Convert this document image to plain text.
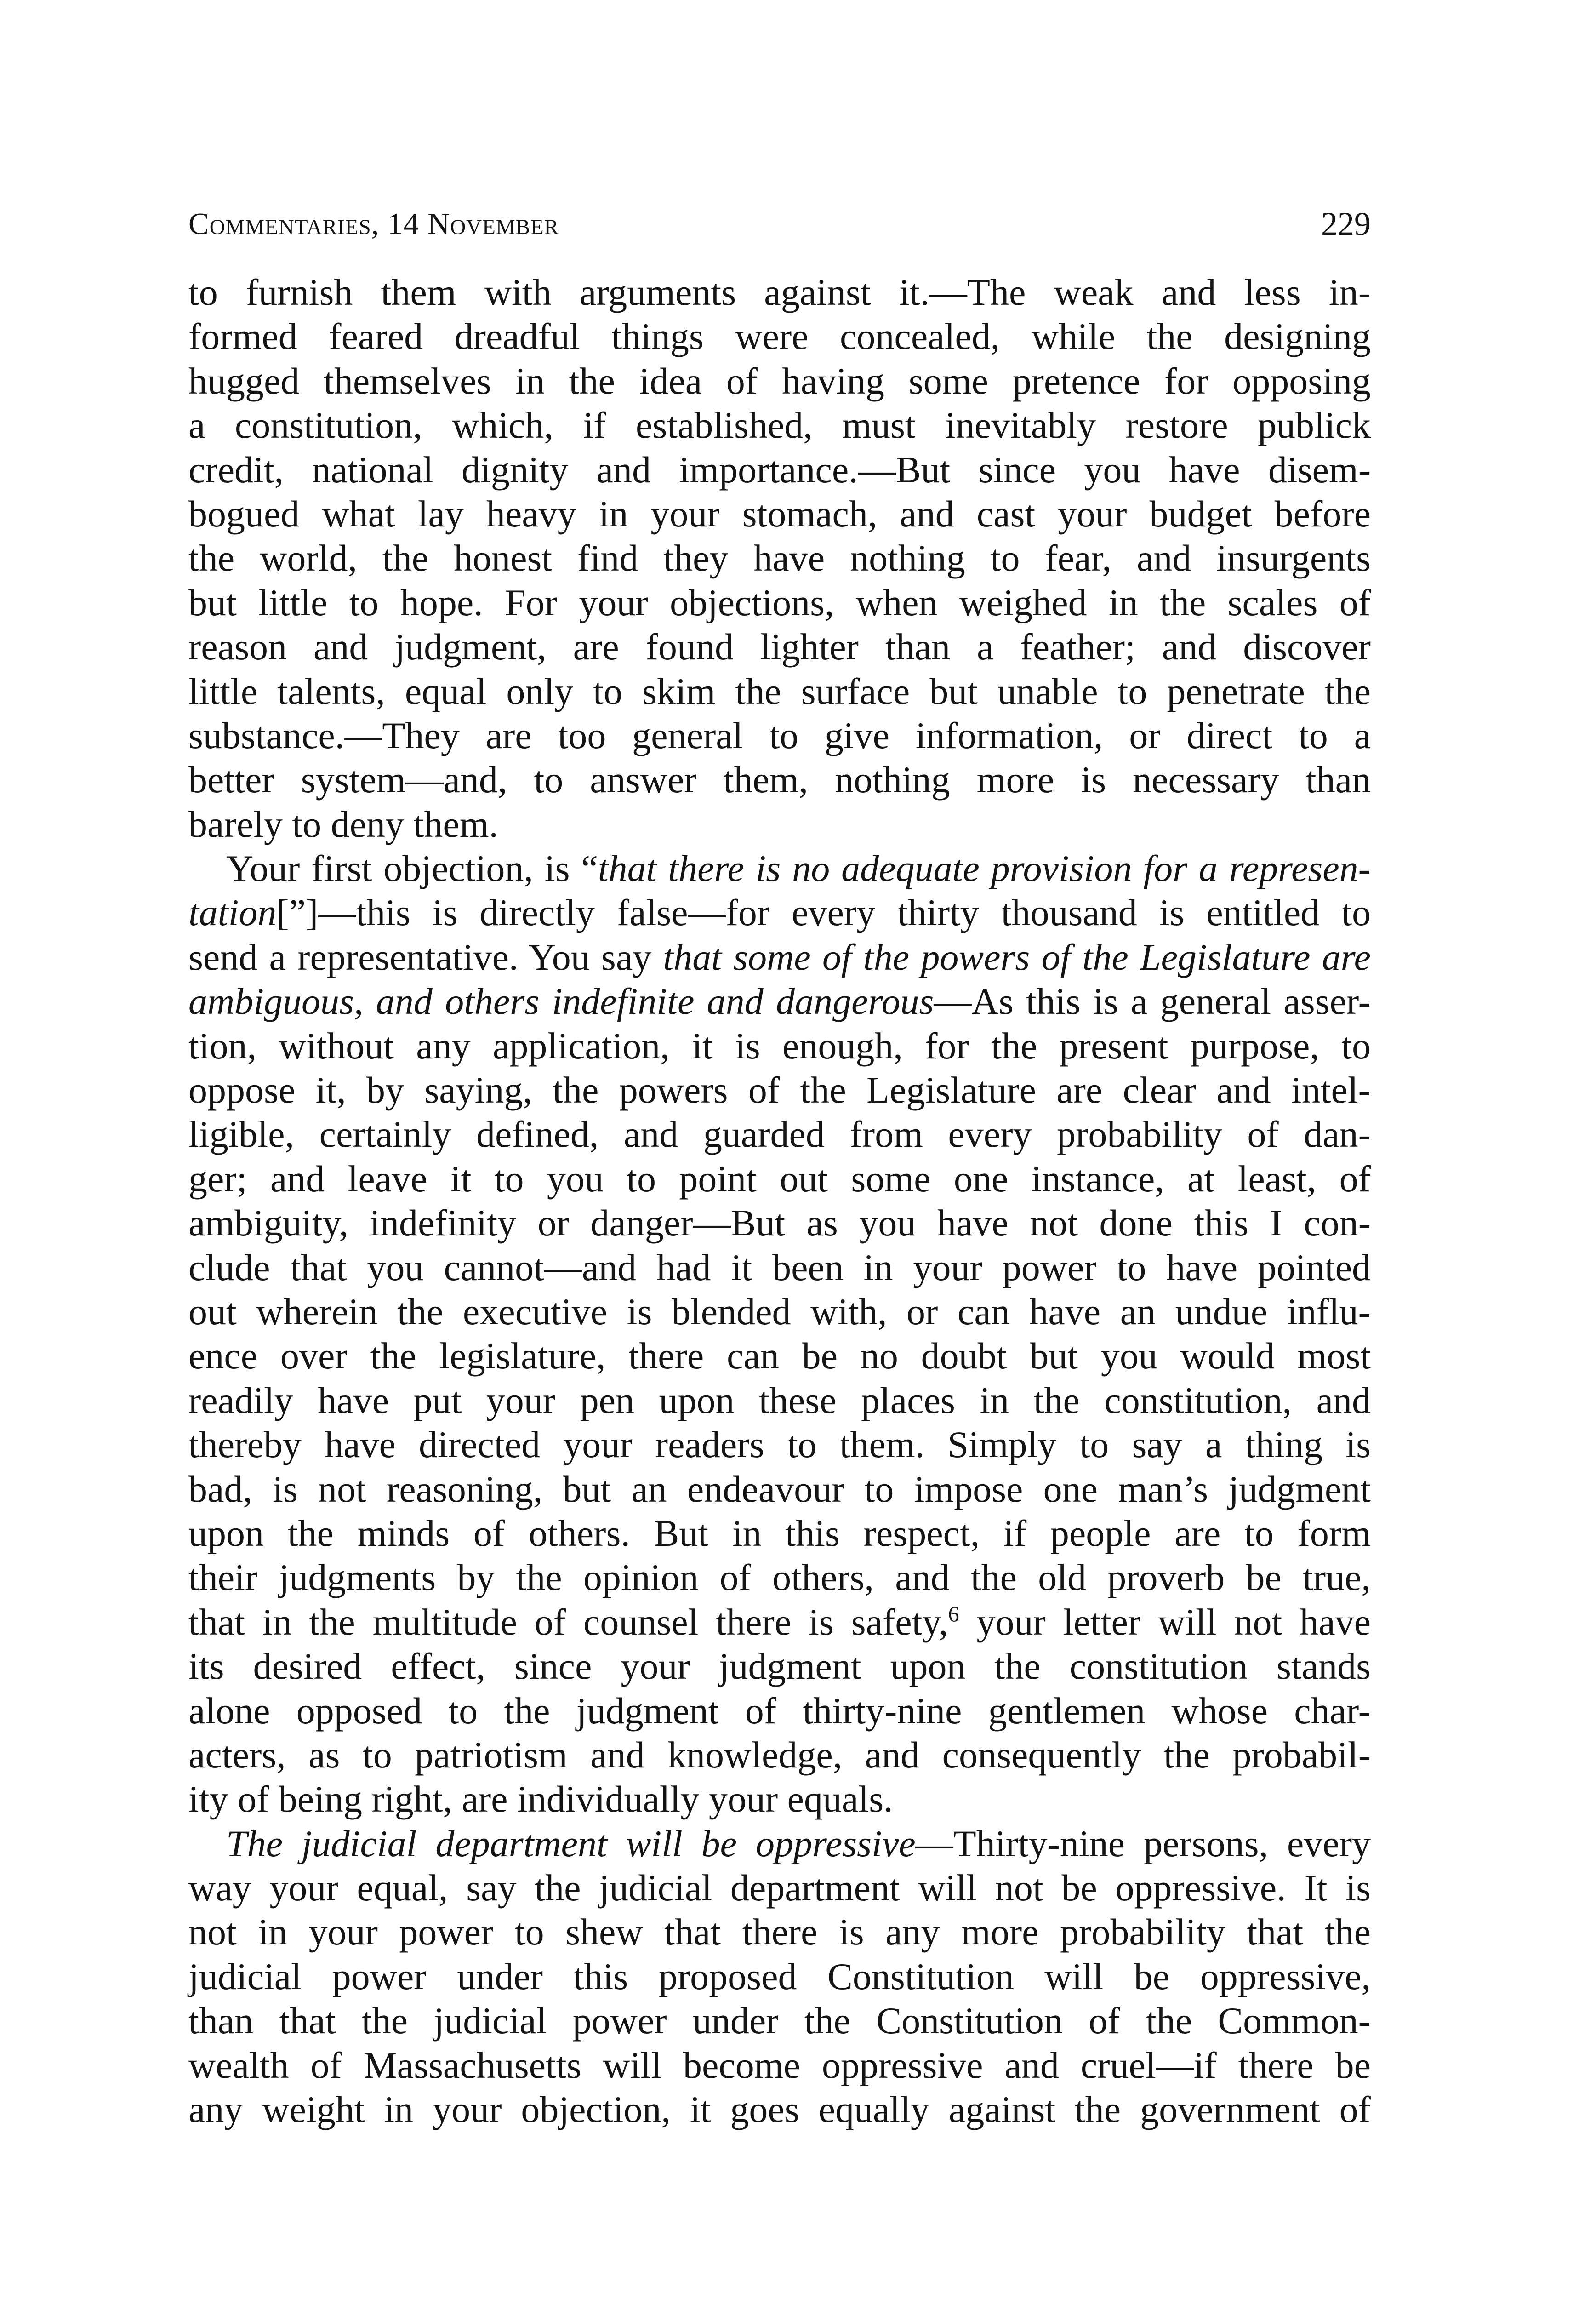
Commentaries, 14 November	229
to furnish them with arguments against it.—The weak and less in-
formed feared dreadful things were concealed, while the designing
hugged themselves in the idea of having some pretence for opposing
a constitution, which, if established, must inevitably restore publick
credit, national dignity and importance.—But since you have disem-
bogued what lay heavy in your stomach, and cast your budget before
the world, the honest find they have nothing to fear, and insurgents
but little to hope. For your objections, when weighed in the scales of
reason and judgment, are found lighter than a feather; and discover
little talents, equal only to skim the surface but unable to penetrate the
substance.—They are too general to give information, or direct to a
better system—and, to answer them, nothing more is necessary than
barely to deny them.
Your first objection, is “that there is no adequate provision for a represen-
tation[”]—this is directly false—for every thirty thousand is entitled to
send a representative. You say that some of the powers of the Legislature are
ambiguous, and others indefinite and dangerous—As this is a general asser-
tion, without any application, it is enough, for the present purpose, to
oppose it, by saying, the powers of the Legislature are clear and intel-
ligible, certainly defined, and guarded from every probability of dan-
ger; and leave it to you to point out some one instance, at least, of
ambiguity, indefinity or danger—But as you have not done this I con-
clude that you cannot—and had it been in your power to have pointed
out wherein the executive is blended with, or can have an undue influ-
ence over the legislature, there can be no doubt but you would most
readily have put your pen upon these places in the constitution, and
thereby have directed your readers to them. Simply to say a thing is
bad, is not reasoning, but an endeavour to impose one man’s judgment
upon the minds of others. But in this respect, if people are to form
their judgments by the opinion of others, and the old proverb be true,
that in the multitude of counsel there is safety,$^6$ your letter will not have
its desired effect, since your judgment upon the constitution stands
alone opposed to the judgment of thirty-nine gentlemen whose char-
acters, as to patriotism and knowledge, and consequently the probabil-
ity of being right, are individually your equals.
The judicial department will be oppressive—Thirty-nine persons, every
way your equal, say the judicial department will not be oppressive. It is
not in your power to shew that there is any more probability that the
judicial power under this proposed Constitution will be oppressive,
than that the judicial power under the Constitution of the Common-
wealth of Massachusetts will become oppressive and cruel—if there be
any weight in your objection, it goes equally against the government of
